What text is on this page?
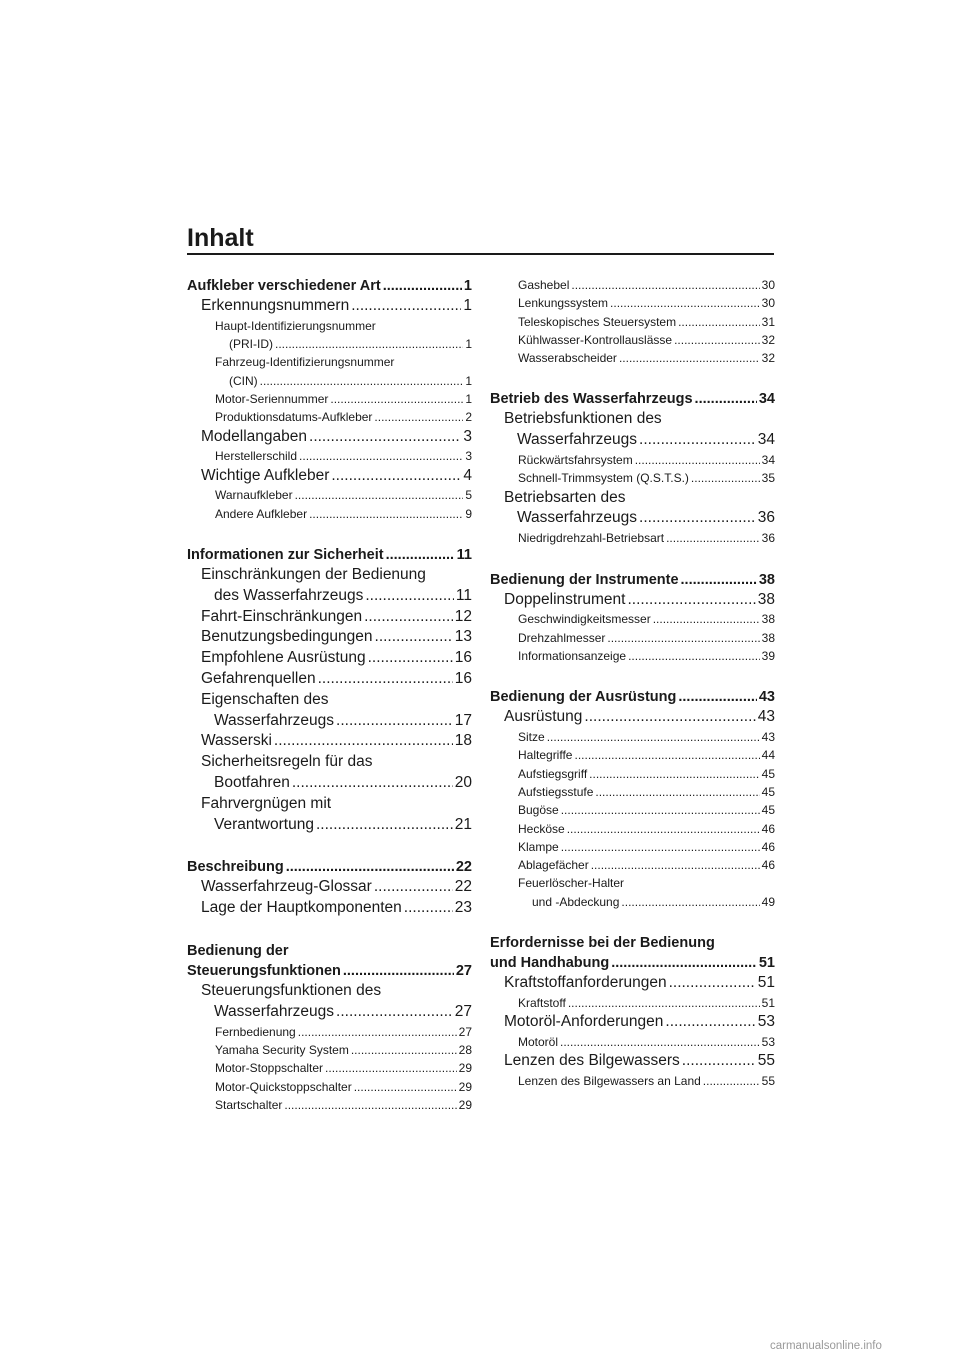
Inhalt
Aufkleber verschiedener Art .....	1
Erkennungsnummern .....	1
Haupt-Identifizierungsnummer
(PRI-ID) .....	1
Fahrzeug-Identifizierungsnummer
(CIN) .....	1
Motor-Seriennummer .....	1
Produktionsdatums-Aufkleber .....	2
Modellangaben .....	3
Herstellerschild .....	3
Wichtige Aufkleber .....	4
Warnaufkleber .....	5
Andere Aufkleber .....	9
Informationen zur Sicherheit .....	11
Einschränkungen der Bedienung
des Wasserfahrzeugs .....	11
Fahrt-Einschränkungen .....	12
Benutzungsbedingungen .....	13
Empfohlene Ausrüstung .....	16
Gefahrenquellen .....	16
Eigenschaften des
Wasserfahrzeugs .....	17
Wasserski .....	18
Sicherheitsregeln für das
Bootfahren .....	20
Fahrvergnügen mit
Verantwortung .....	21
Beschreibung .....	22
Wasserfahrzeug-Glossar .....	22
Lage der Hauptkomponenten .....	23
Bedienung der
Steuerungsfunktionen .....	27
Steuerungsfunktionen des
Wasserfahrzeugs .....	27
Fernbedienung .....	27
Yamaha Security System .....	28
Motor-Stoppschalter .....	29
Motor-Quickstoppschalter .....	29
Startschalter .....	29
Gashebel .....	30
Lenkungssystem .....	30
Teleskopisches Steuersystem .....	31
Kühlwasser-Kontrollauslässe .....	32
Wasserabscheider .....	32
Betrieb des Wasserfahrzeugs .....	34
Betriebsfunktionen des
Wasserfahrzeugs .....	34
Rückwärtsfahrsystem .....	34
Schnell-Trimmsystem (Q.S.T.S.) .....	35
Betriebsarten des
Wasserfahrzeugs .....	36
Niedrigdrehzahl-Betriebsart .....	36
Bedienung der Instrumente .....	38
Doppelinstrument .....	38
Geschwindigkeitsmesser .....	38
Drehzahlmesser .....	38
Informationsanzeige .....	39
Bedienung der Ausrüstung .....	43
Ausrüstung .....	43
Sitze .....	43
Haltegriffe .....	44
Aufstiegsgriff .....	45
Aufstiegsstufe .....	45
Bugöse .....	45
Hecköse .....	46
Klampe .....	46
Ablagefächer .....	46
Feuerlöscher-Halter
und -Abdeckung .....	49
Erfordernisse bei der Bedienung
und Handhabung .....	51
Kraftstoffanforderungen .....	51
Kraftstoff .....	51
Motoröl-Anforderungen .....	53
Motoröl .....	53
Lenzen des Bilgewassers .....	55
Lenzen des Bilgewassers an Land .....	55
carmanualsonline.info
